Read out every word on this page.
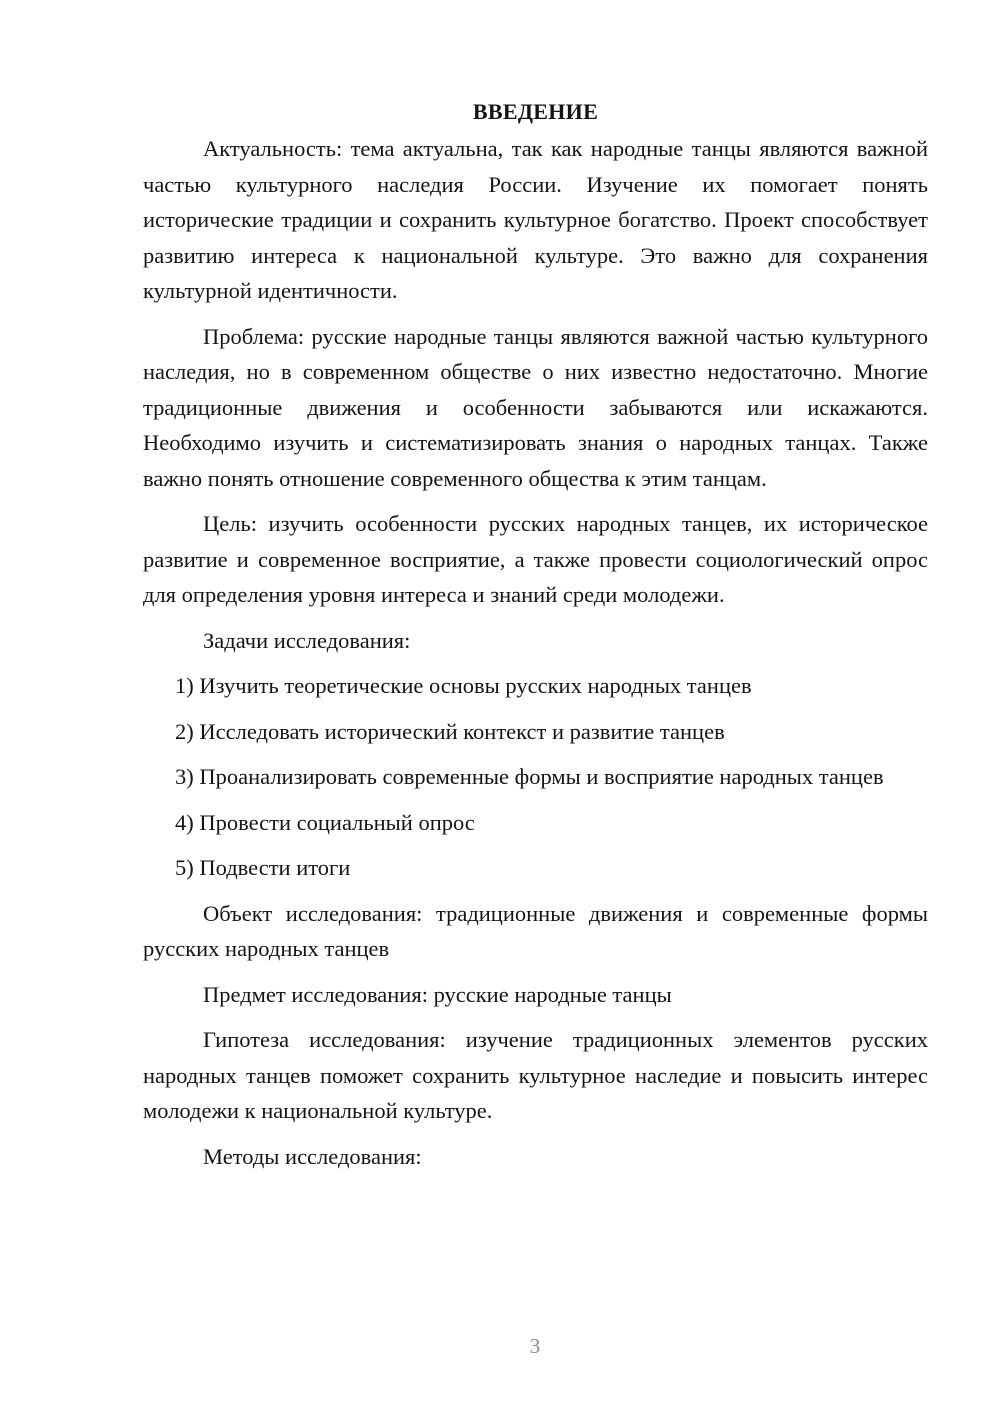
ВВЕДЕНИЕ

Актуальность: тема актуальна, так как народные танцы являются важной частью культурного наследия России. Изучение их помогает понять исторические традиции и сохранить культурное богатство. Проект способствует развитию интереса к национальной культуре. Это важно для сохранения культурной идентичности.

Проблема: русские народные танцы являются важной частью культурного наследия, но в современном обществе о них известно недостаточно. Многие традиционные движения и особенности забываются или искажаются. Необходимо изучить и систематизировать знания о народных танцах. Также важно понять отношение современного общества к этим танцам.

Цель: изучить особенности русских народных танцев, их историческое развитие и современное восприятие, а также провести социологический опрос для определения уровня интереса и знаний среди молодежи.

Задачи исследования:

1) Изучить теоретические основы русских народных танцев

2) Исследовать исторический контекст и развитие танцев

3) Проанализировать современные формы и восприятие народных танцев

4) Провести социальный опрос

5) Подвести итоги

Объект исследования: традиционные движения и современные формы русских народных танцев

Предмет исследования: русские народные танцы

Гипотеза исследования: изучение традиционных элементов русских народных танцев поможет сохранить культурное наследие и повысить интерес молодежи к национальной культуре.

Методы исследования:

3
